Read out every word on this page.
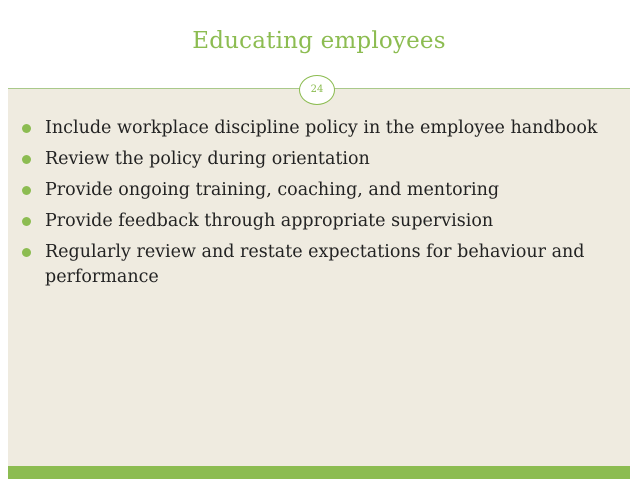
Educating employees
24
Include workplace discipline policy in the employee handbook
Review the policy during orientation
Provide ongoing training, coaching, and mentoring
Provide feedback through appropriate supervision
Regularly review and restate expectations for behaviour and performance
